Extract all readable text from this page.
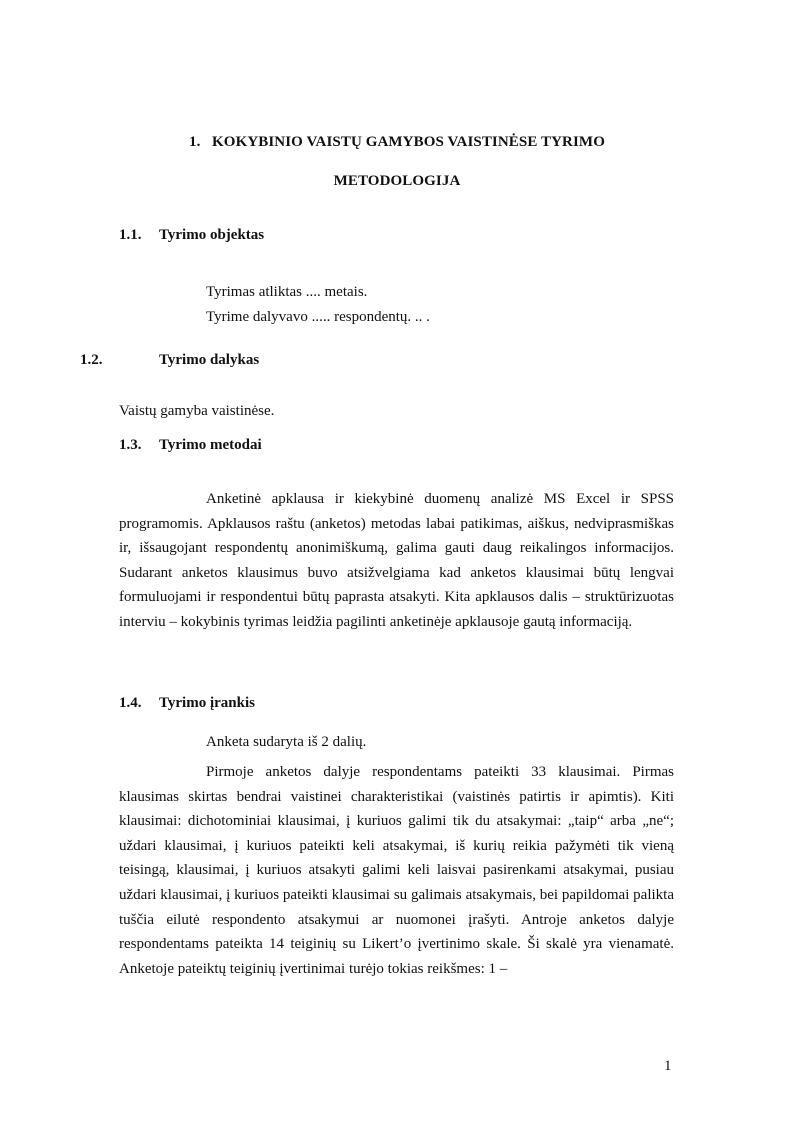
1.   KOKYBINIO VAISTŲ GAMYBOS VAISTINĖSE TYRIMO
METODOLOGIJA
1.1. Tyrimo objektas
Tyrimas atliktas .... metais.
Tyrime dalyvavo ..... respondentų. .. .
1.2.	Tyrimo dalykas
Vaistų gamyba vaistinėse.
1.3. Tyrimo metodai

Anketinė apklausa ir kiekybinė duomenų analizė MS Excel ir SPSS programomis. Apklausos raštu (anketos) metodas labai patikimas, aiškus, nedviprasmiškas ir, išsaugojant respondentų anonimiškumą, galima gauti daug reikalingos informacijos. Sudarant anketos klausimus buvo atsižvelgiama kad anketos klausimai būtų lengvai formuluojami ir respondentui būtų paprasta atsakyti. Kita apklausos dalis – struktūrizuotas interviu – kokybinis tyrimas leidžia pagilinti anketinėje apklausoje gautą informaciją.

1.4. Tyrimo įrankis
Anketa sudaryta iš 2 dalių.

Pirmoje anketos dalyje respondentams pateikti 33 klausimai. Pirmas klausimas skirtas bendrai vaistinei charakteristikai (vaistinės patirtis ir apimtis). Kiti klausimai: dichotominiai klausimai, į kuriuos galimi tik du atsakymai: „taip“ arba „ne“; uždari klausimai, į kuriuos pateikti keli atsakymai, iš kurių reikia pažymėti tik vieną teisingą, klausimai, į kuriuos atsakyti galimi keli laisvai pasirenkami atsakymai, pusiau uždari klausimai, į kuriuos pateikti klausimai su galimais atsakymais, bei papildomai palikta tuščia eilutė respondento atsakymui ar nuomonei įrašyti. Antroje anketos dalyje respondentams pateikta 14 teiginių su Likert’o įvertinimo skale. Ši skalė yra vienamatė. Anketoje pateiktų teiginių įvertinimai turėjo tokias reikšmes: 1 –

1
